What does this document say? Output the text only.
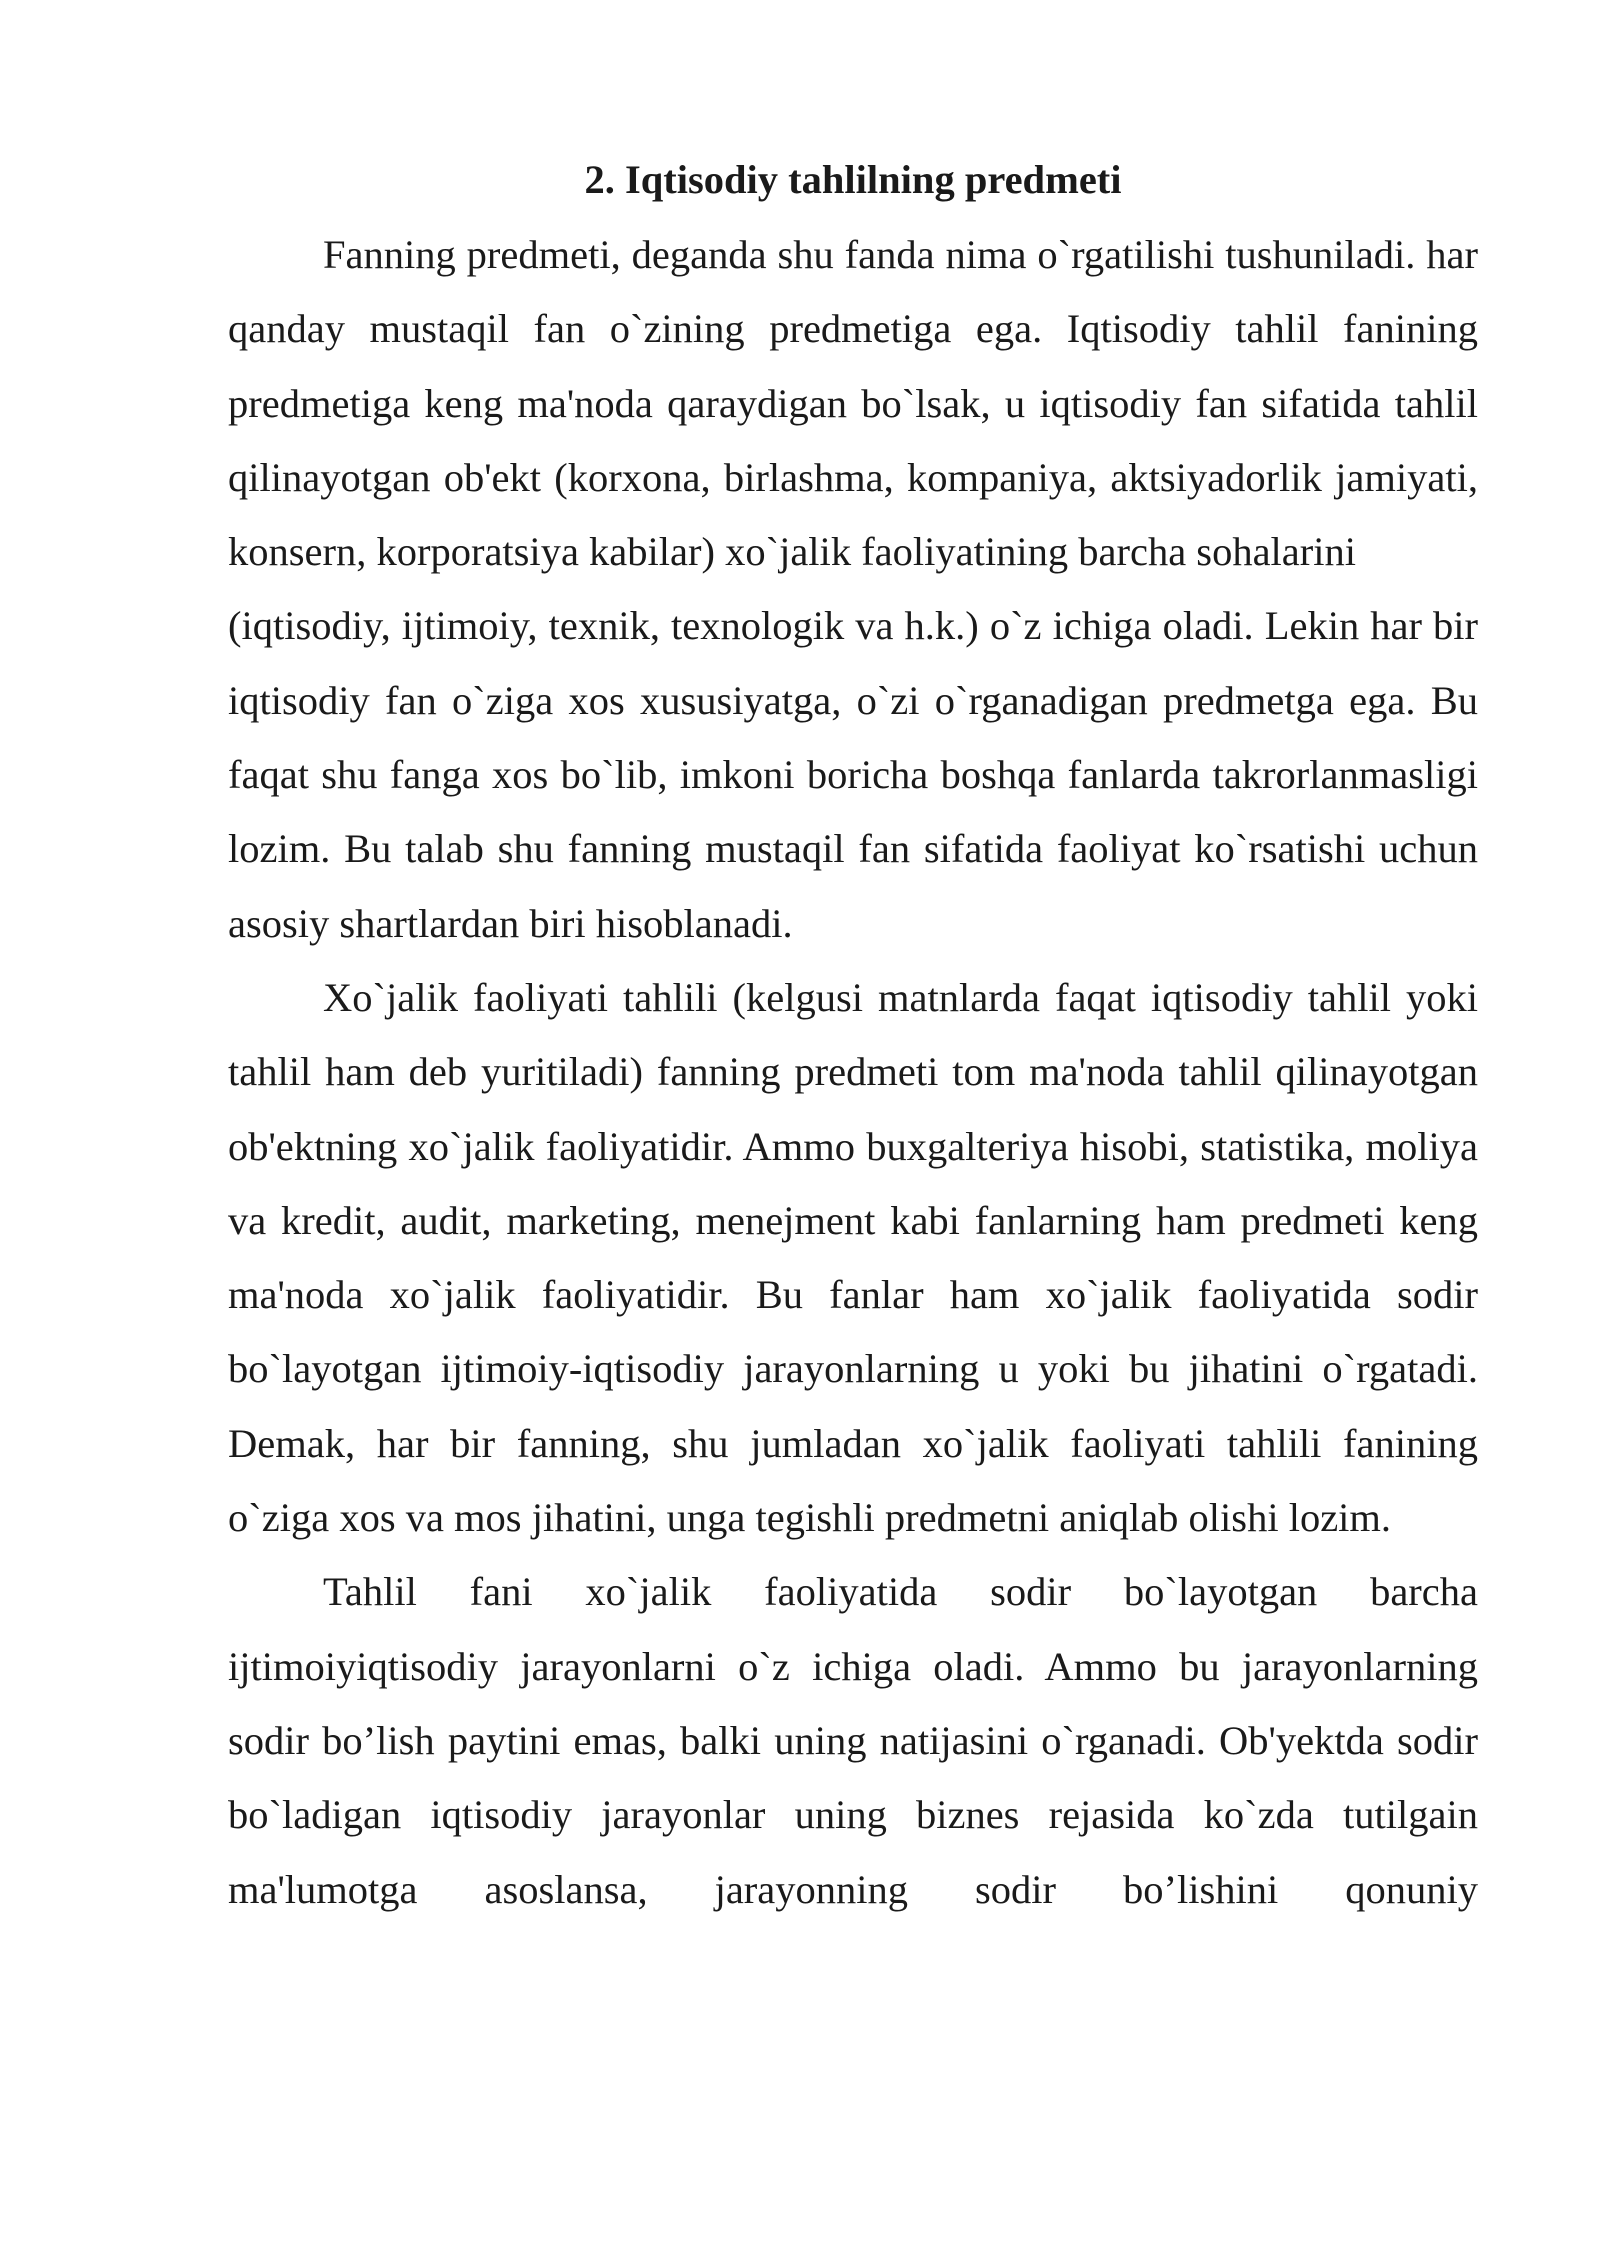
2. Iqtisodiy tahlilning predmeti

Fanning predmeti, deganda shu fanda nima o`rgatilishi tushuniladi. har qanday mustaqil fan o`zining predmetiga ega. Iqtisodiy tahlil fanining predmetiga keng ma'noda qaraydigan bo`lsak, u iqtisodiy fan sifatida tahlil qilinayotgan ob'ekt (korxona, birlashma, kompaniya, aktsiyadorlik jamiyati, konsern, korporatsiya kabilar) xo`jalik faoliyatining barcha sohalarini

(iqtisodiy, ijtimoiy, texnik, texnologik va h.k.) o`z ichiga oladi. Lekin har bir iqtisodiy fan o`ziga xos xususiyatga, o`zi o`rganadigan predmetga ega. Bu faqat shu fanga xos bo`lib, imkoni boricha boshqa fanlarda takrorlanmasligi lozim. Bu talab shu fanning mustaqil fan sifatida faoliyat ko`rsatishi uchun asosiy shartlardan biri hisoblanadi.

Xo`jalik faoliyati tahlili (kelgusi matnlarda faqat iqtisodiy tahlil yoki tahlil ham deb yuritiladi) fanning predmeti tom ma'noda tahlil qilinayotgan ob'ektning xo`jalik faoliyatidir. Ammo buxgalteriya hisobi, statistika, moliya va kredit, audit, marketing, menejment kabi fanlarning ham predmeti keng ma'noda xo`jalik faoliyatidir. Bu fanlar ham xo`jalik faoliyatida sodir bo`layotgan ijtimoiy-iqtisodiy jarayonlarning u yoki bu jihatini o`rgatadi. Demak, har bir fanning, shu jumladan xo`jalik faoliyati tahlili fanining o`ziga xos va mos jihatini, unga tegishli predmetni aniqlab olishi lozim.

Tahlil fani xo`jalik faoliyatida sodir bo`layotgan barcha ijtimoiyiqtisodiy jarayonlarni o`z ichiga oladi. Ammo bu jarayonlarning sodir bo’lish paytini emas, balki uning natijasini o`rganadi. Ob'yektda sodir bo`ladigan iqtisodiy jarayonlar uning biznes rejasida ko`zda tutilgain ma'lumotga asoslansa, jarayonning sodir bo’lishini qonuniy
